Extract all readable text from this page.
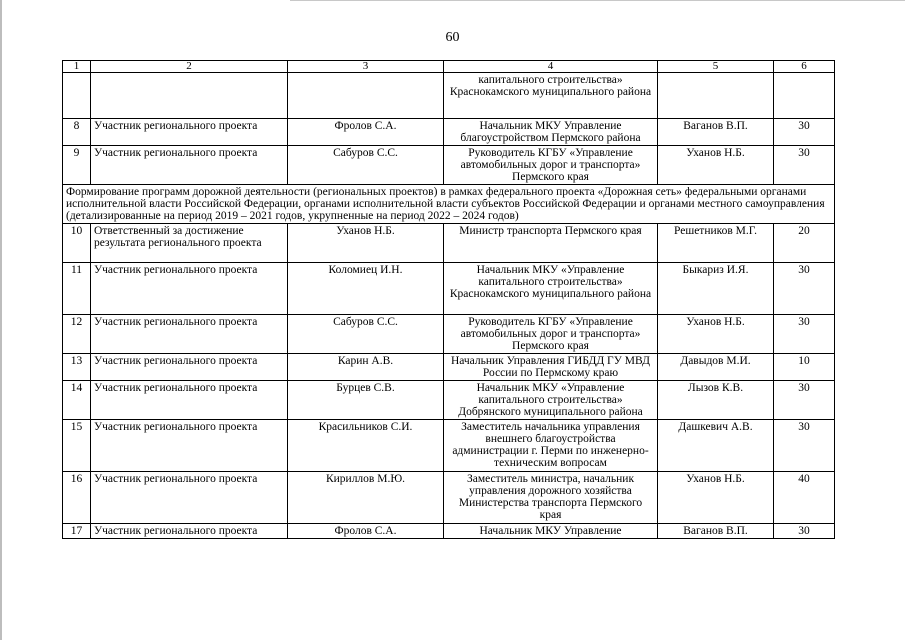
60
1	2	3	4	5	6
			капитального строительства» Краснокамского муниципального района		
8	Участник регионального проекта	Фролов С.А.	Начальник МКУ Управление благоустройством Пермского района	Ваганов В.П.	30
9	Участник регионального проекта	Сабуров С.С.	Руководитель КГБУ «Управление автомобильных дорог и транспорта» Пермского края	Уханов Н.Б.	30
Формирование программ дорожной деятельности (региональных проектов) в рамках федерального проекта «Дорожная сеть» федеральными органами исполнительной власти Российской Федерации, органами исполнительной власти субъектов Российской Федерации и органами местного самоуправления (детализированные на период 2019 – 2021 годов, укрупненные на период 2022 – 2024 годов)					
10	Ответственный за достижение результата регионального проекта	Уханов Н.Б.	Министр транспорта Пермского края	Решетников М.Г.	20
11	Участник регионального проекта	Коломиец И.Н.	Начальник МКУ «Управление капитального строительства» Краснокамского муниципального района	Быкариз И.Я.	30
12	Участник регионального проекта	Сабуров С.С.	Руководитель КГБУ «Управление автомобильных дорог и транспорта» Пермского края	Уханов Н.Б.	30
13	Участник регионального проекта	Карин А.В.	Начальник Управления ГИБДД ГУ МВД России по Пермскому краю	Давыдов М.И.	10
14	Участник регионального проекта	Бурцев С.В.	Начальник МКУ «Управление капитального строительства» Добрянского муниципального района	Лызов К.В.	30
15	Участник регионального проекта	Красильников С.И.	Заместитель начальника управления внешнего благоустройства администрации г. Перми по инженерно-техническим вопросам	Дашкевич А.В.	30
16	Участник регионального проекта	Кириллов М.Ю.	Заместитель министра, начальник управления дорожного хозяйства Министерства транспорта Пермского края	Уханов Н.Б.	40
17	Участник регионального проекта	Фролов С.А.	Начальник МКУ Управление	Ваганов В.П.	30
